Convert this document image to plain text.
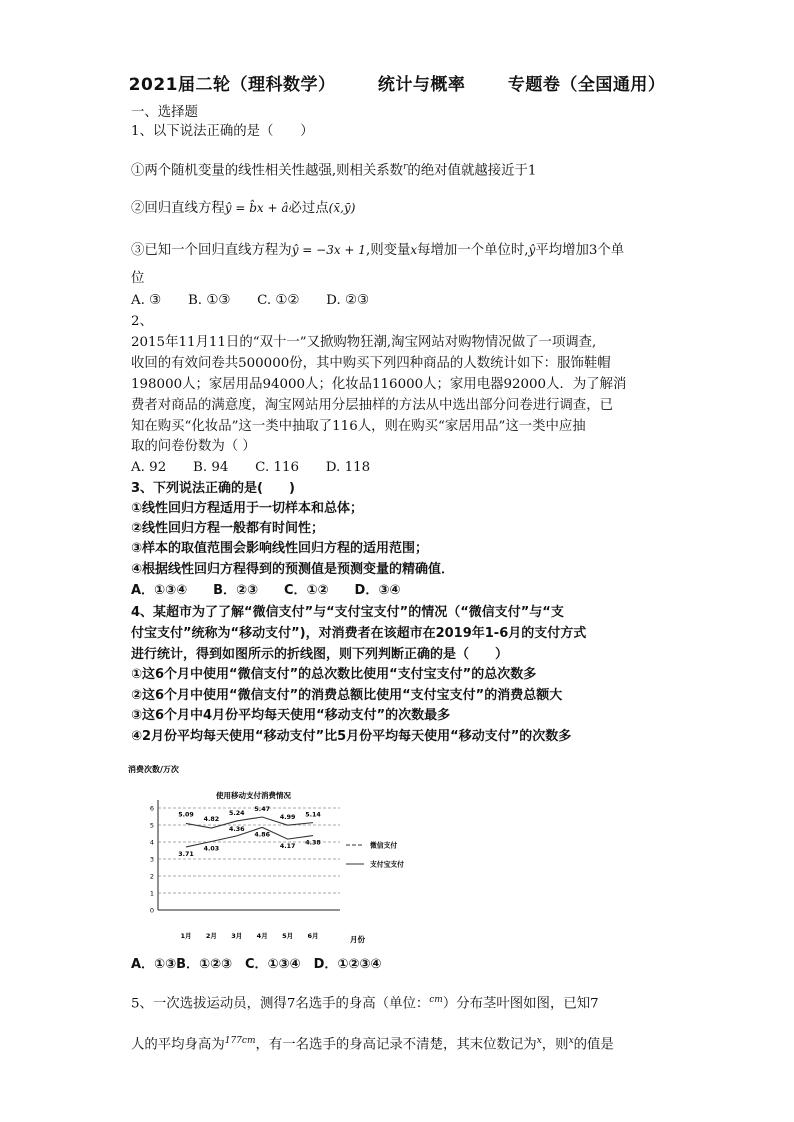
2021届二轮（理科数学） 统计与概率 专题卷（全国通用）
一、选择题
1、以下说法正确的是（　　）
①两个随机变量的线性相关性越强,则相关系数$^r$的绝对值就越接近于1
②回归直线方程ŷ = b̂x + â必过点(x̄,ȳ)
③已知一个回归直线方程为ŷ = −3x + 1,则变量x每增加一个单位时,ŷ平均增加3个单
位
A. ③　　B. ①③　　C. ①②　　D. ②③
2、
2015年11月11日的“双十一”又掀购物狂潮,淘宝网站对购物情况做了一项调查,
收回的有效问卷共500000份，其中购买下列四种商品的人数统计如下：服饰鞋帽
198000人；家居用品94000人；化妆品116000人；家用电器92000人．为了解消
费者对商品的满意度，淘宝网站用分层抽样的方法从中选出部分问卷进行调查，已
知在购买“化妆品”这一类中抽取了116人，则在购买“家居用品”这一类中应抽
取的问卷份数为（ ）
A. 92　　B. 94　　C. 116　　D. 118
3、下列说法正确的是(　　)
①线性回归方程适用于一切样本和总体；
②线性回归方程一般都有时间性；
③样本的取值范围会影响线性回归方程的适用范围；
④根据线性回归方程得到的预测值是预测变量的精确值．
A．①③④　　B．②③　　C．①②　　D．③④
4、某超市为了了解“微信支付”与“支付宝支付”的情况（“微信支付”与“支
付宝支付”统称为“移动支付”)，对消费者在该超市在2019年1-6月的支付方式
进行统计，得到如图所示的折线图，则下列判断正确的是（　　）
①这6个月中使用“微信支付”的总次数比使用“支付宝支付”的总次数多
②这6个月中使用“微信支付”的消费总额比使用“支付宝支付”的消费总额大
③这6个月中4月份平均每天使用“移动支付”的次数最多
④2月份平均每天使用“移动支付”比5月份平均每天使用“移动支付”的次数多
消费次数/万次
使用移动支付消费情况
月份
0
1
2
3
4
5
6
1月 2月 3月 4月 5月 6月
5.09
4.82
5.24
5.47
4.99 5.14
3.71
4.03
4.36
4.86
4.17
4.38	微信支付
支付宝支付
A．①③B．①②③　C．①③④　D．①②③④
5、一次选拔运动员，测得7名选手的身高（单位：$^{cm}$）分布茎叶图如图，已知7
人的平均身高为$^{177cm}$，有一名选手的身高记录不清楚，其末位数记为$^x$，则$^x$的值是
